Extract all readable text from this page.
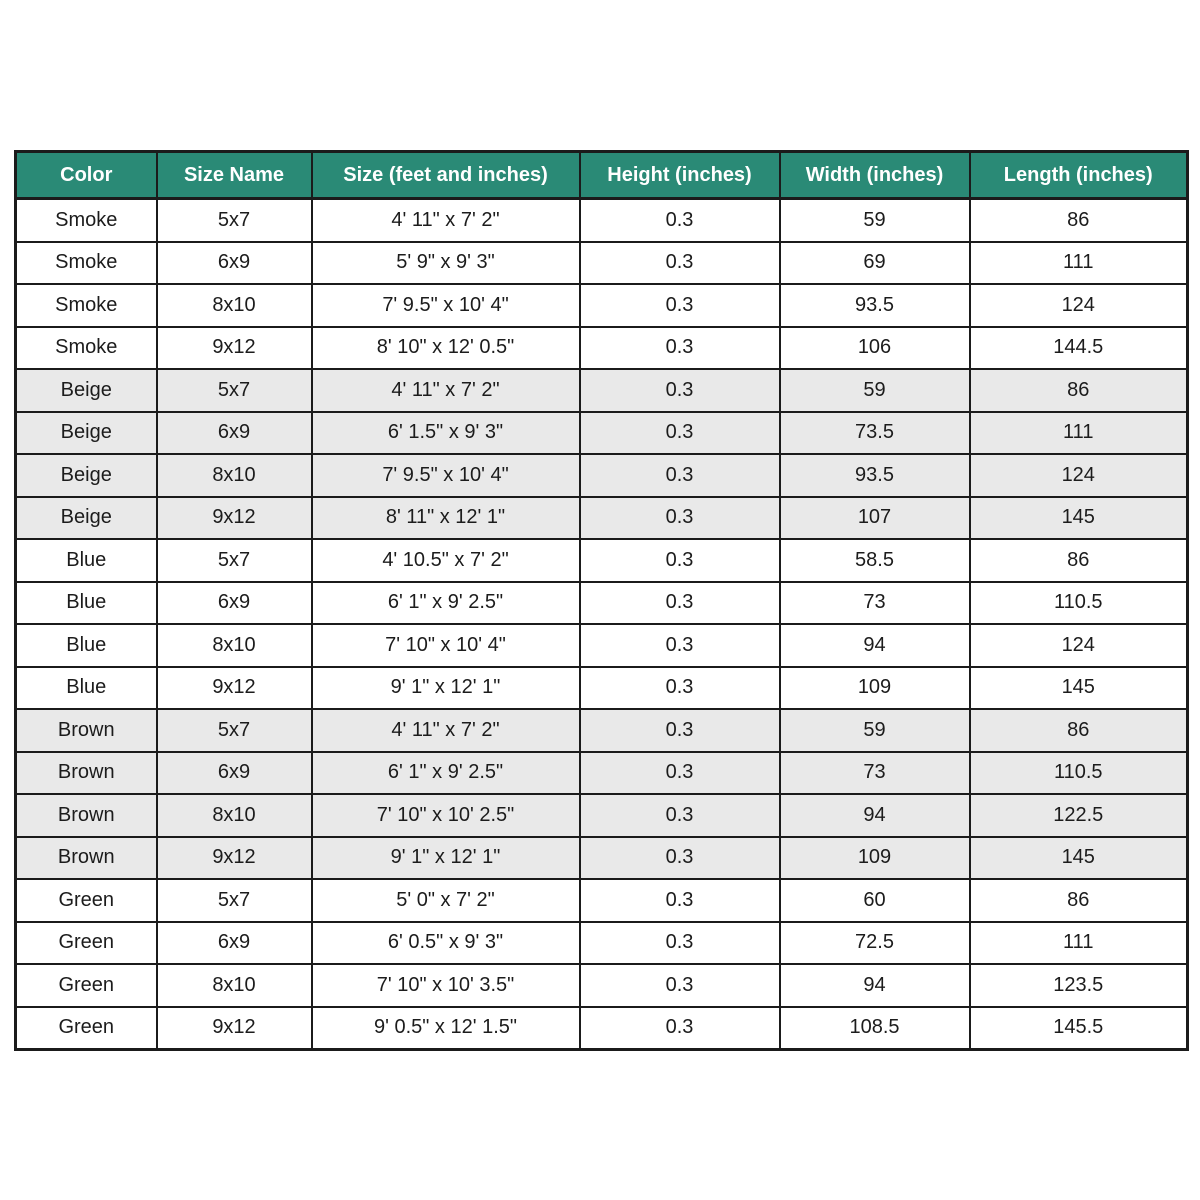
Color	Size Name	Size (feet and inches)	Height (inches)	Width (inches)	Length (inches)
Smoke	5x7	4' 11" x 7' 2"	0.3	59	86
Smoke	6x9	5' 9" x 9' 3"	0.3	69	111
Smoke	8x10	7' 9.5" x 10' 4"	0.3	93.5	124
Smoke	9x12	8' 10" x 12' 0.5"	0.3	106	144.5
Beige	5x7	4' 11" x 7' 2"	0.3	59	86
Beige	6x9	6' 1.5" x 9' 3"	0.3	73.5	111
Beige	8x10	7' 9.5" x 10' 4"	0.3	93.5	124
Beige	9x12	8' 11" x 12' 1"	0.3	107	145
Blue	5x7	4' 10.5" x 7' 2"	0.3	58.5	86
Blue	6x9	6' 1" x 9' 2.5"	0.3	73	110.5
Blue	8x10	7' 10" x 10' 4"	0.3	94	124
Blue	9x12	9' 1" x 12' 1"	0.3	109	145
Brown	5x7	4' 11" x 7' 2"	0.3	59	86
Brown	6x9	6' 1" x 9' 2.5"	0.3	73	110.5
Brown	8x10	7' 10" x 10' 2.5"	0.3	94	122.5
Brown	9x12	9' 1" x 12' 1"	0.3	109	145
Green	5x7	5' 0" x 7' 2"	0.3	60	86
Green	6x9	6' 0.5" x 9' 3"	0.3	72.5	111
Green	8x10	7' 10" x 10' 3.5"	0.3	94	123.5
Green	9x12	9' 0.5" x 12' 1.5"	0.3	108.5	145.5
